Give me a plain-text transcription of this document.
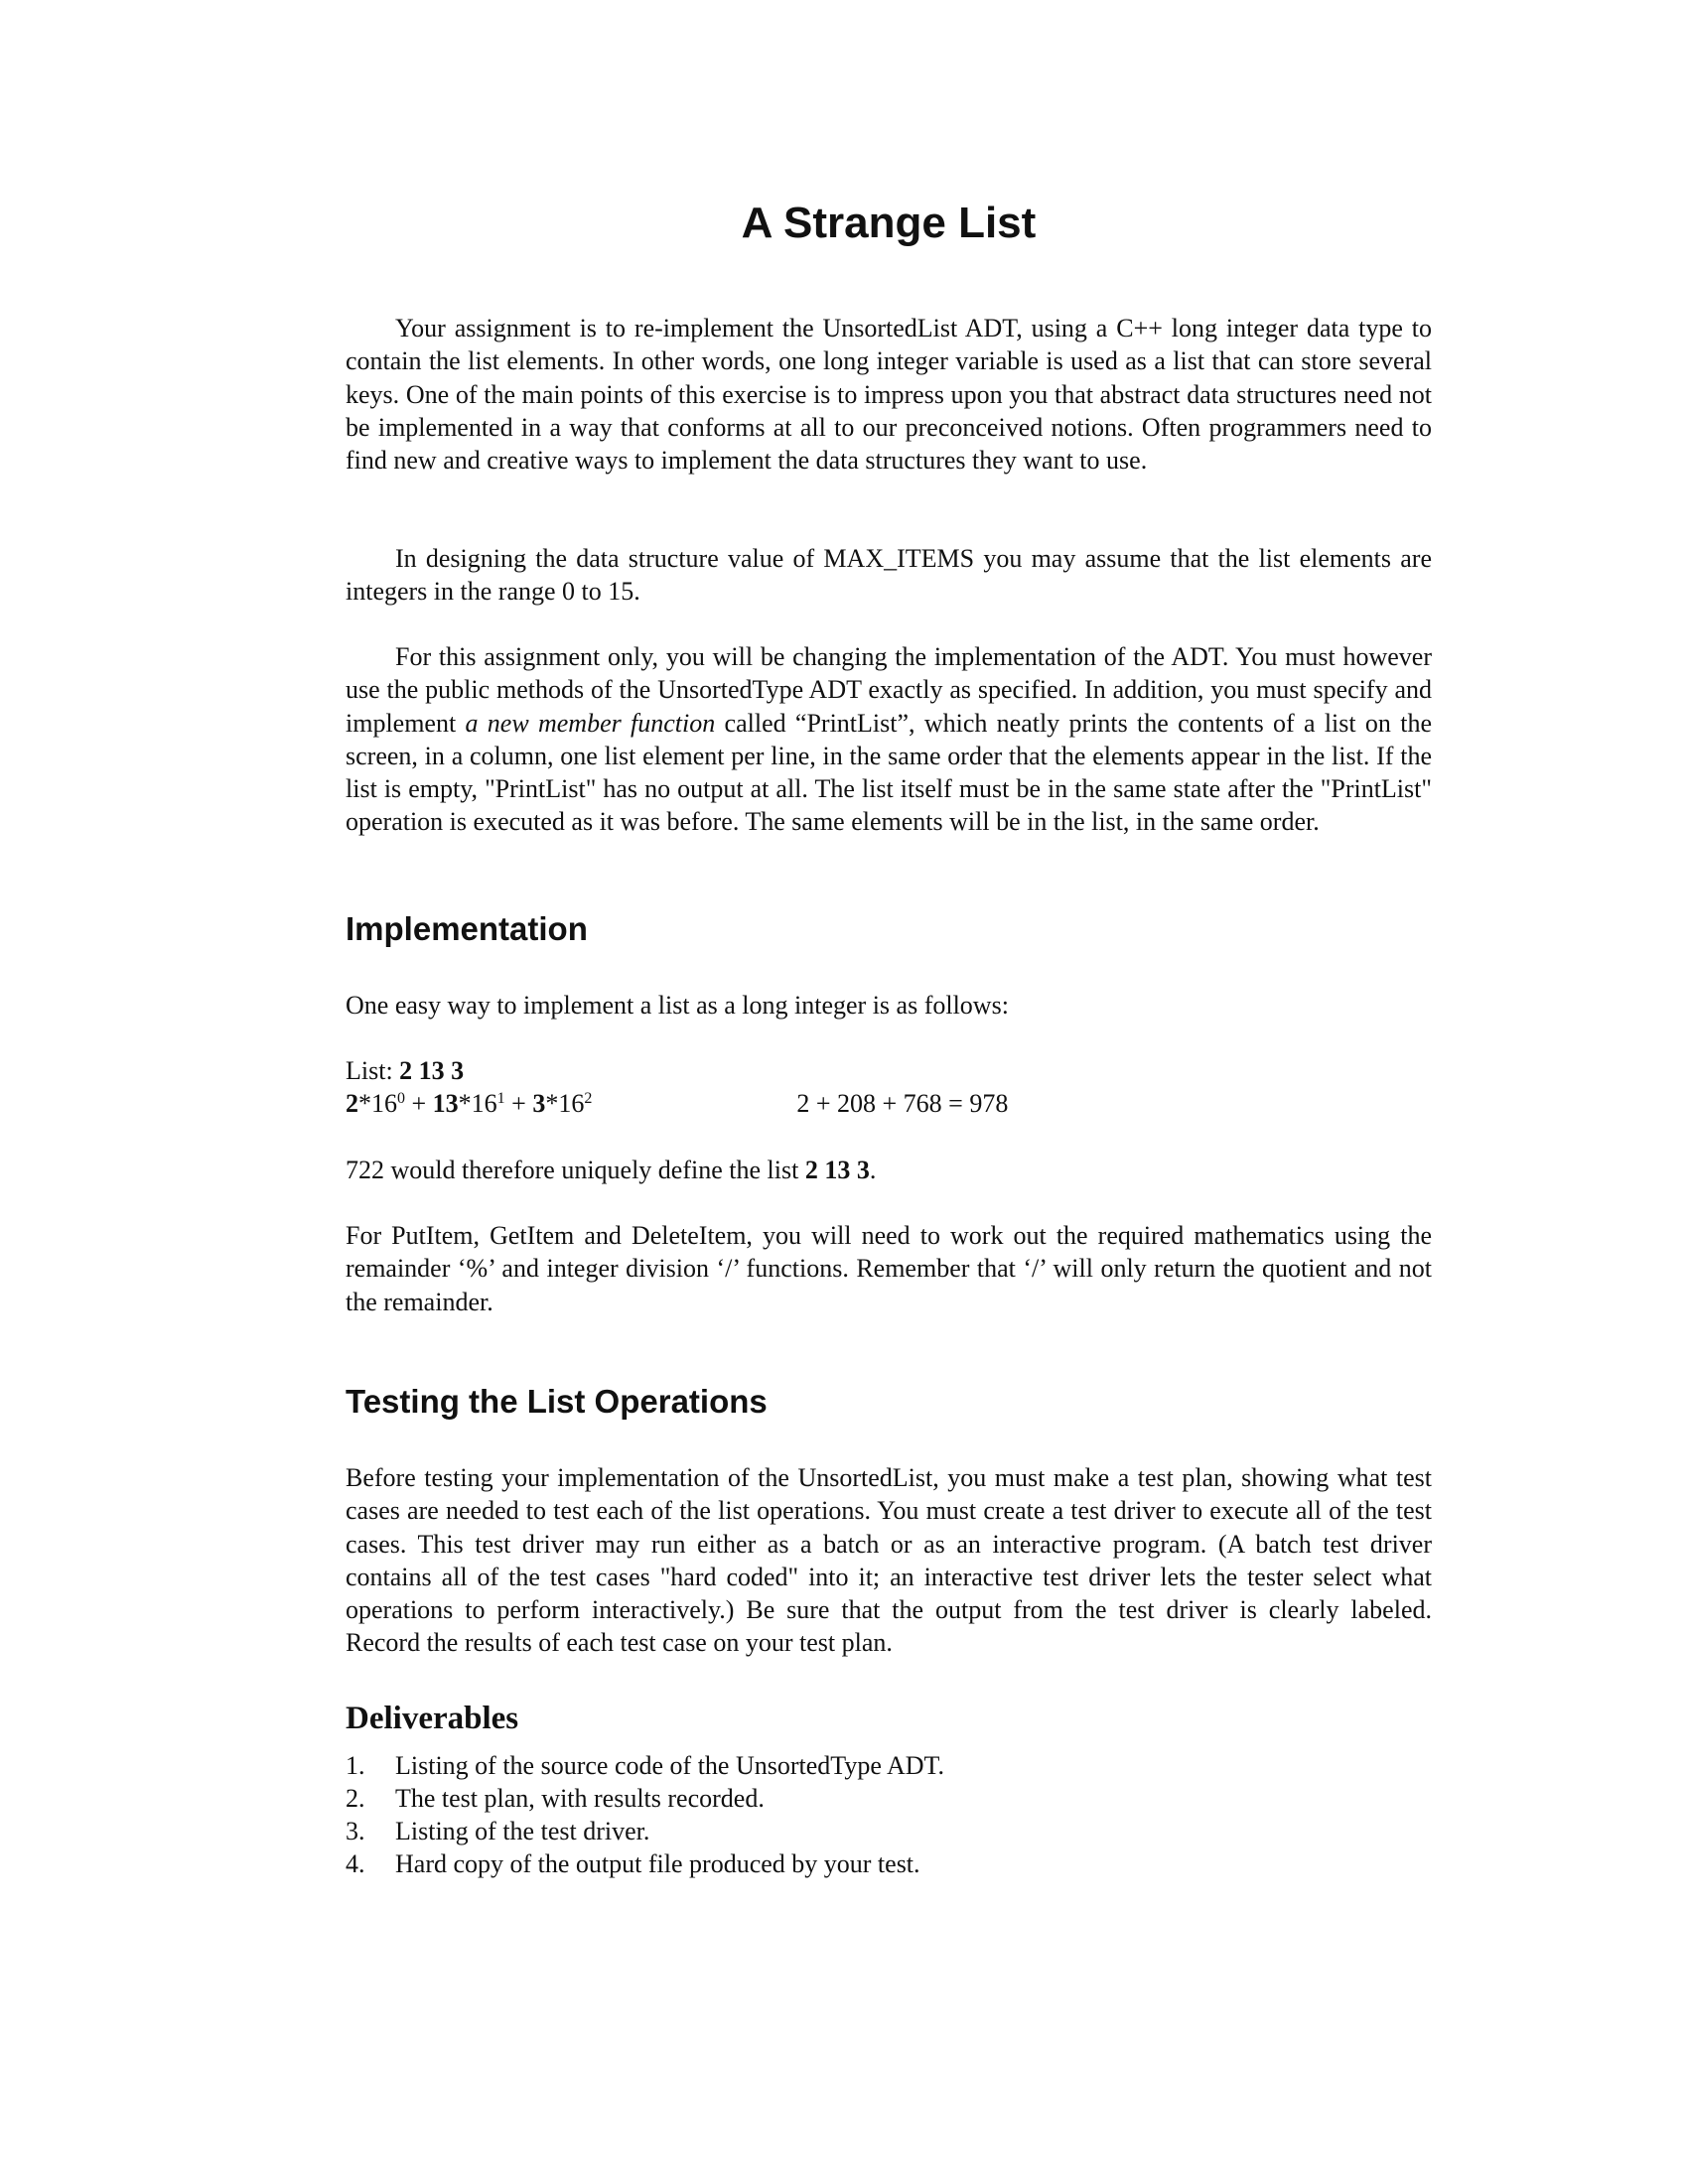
A Strange List

Your assignment is to re-implement the UnsortedList ADT, using a C++ long integer data type to contain the list elements. In other words, one long integer variable is used as a list that can store several keys. One of the main points of this exercise is to impress upon you that abstract data structures need not be implemented in a way that conforms at all to our preconceived notions. Often programmers need to find new and creative ways to implement the data structures they want to use.

In designing the data structure value of MAX_ITEMS you may assume that the list elements are integers in the range 0 to 15.

For this assignment only, you will be changing the implementation of the ADT. You must however use the public methods of the UnsortedType ADT exactly as specified. In addition, you must specify and implement a new member function called “PrintList”, which neatly prints the contents of a list on the screen, in a column, one list element per line, in the same order that the elements appear in the list. If the list is empty, "PrintList" has no output at all. The list itself must be in the same state after the "PrintList" operation is executed as it was before. The same elements will be in the list, in the same order.

Implementation

One easy way to implement a list as a long integer is as follows:

List: 2 13 3

$2*16^0 + 13*16^1 + 3*16^2$	2 + 208 + 768 = 978

722 would therefore uniquely define the list 2 13 3.

For PutItem, GetItem and DeleteItem, you will need to work out the required mathematics using the remainder ‘%’ and integer division ‘/’ functions. Remember that ‘/’ will only return the quotient and not the remainder.

Testing the List Operations

Before testing your implementation of the UnsortedList, you must make a test plan, showing what test cases are needed to test each of the list operations. You must create a test driver to execute all of the test cases. This test driver may run either as a batch or as an interactive program. (A batch test driver contains all of the test cases "hard coded" into it; an interactive test driver lets the tester select what operations to perform interactively.) Be sure that the output from the test driver is clearly labeled. Record the results of each test case on your test plan.

Deliverables
1. Listing of the source code of the UnsortedType ADT.
2. The test plan, with results recorded.
3. Listing of the test driver.
4. Hard copy of the output file produced by your test.
